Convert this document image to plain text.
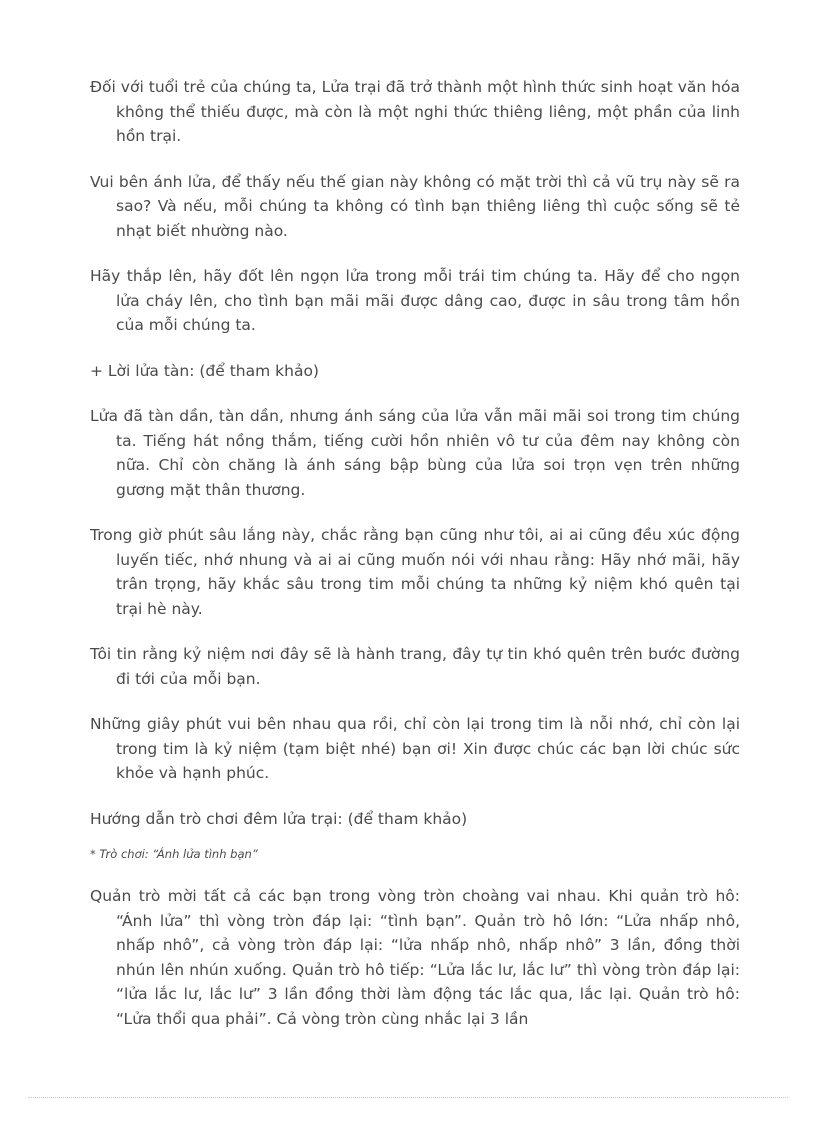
Đối với tuổi trẻ của chúng ta, Lửa trại đã trở thành một hình thức sinh hoạt văn hóa không thể thiếu được, mà còn là một nghi thức thiêng liêng, một phần của linh hồn trại.

Vui bên ánh lửa, để thấy nếu thế gian này không có mặt trời thì cả vũ trụ này sẽ ra sao? Và nếu, mỗi chúng ta không có tình bạn thiêng liêng thì cuộc sống sẽ tẻ nhạt biết nhường nào.

Hãy thắp lên, hãy đốt lên ngọn lửa trong mỗi trái tim chúng ta. Hãy để cho ngọn lửa cháy lên, cho tình bạn mãi mãi được dâng cao, được in sâu trong tâm hồn của mỗi chúng ta.

+ Lời lửa tàn: (để tham khảo)

Lửa đã tàn dần, tàn dần, nhưng ánh sáng của lửa vẫn mãi mãi soi trong tim chúng ta. Tiếng hát nồng thắm, tiếng cười hồn nhiên vô tư của đêm nay không còn nữa. Chỉ còn chăng là ánh sáng bập bùng của lửa soi trọn vẹn trên những gương mặt thân thương.

Trong giờ phút sâu lắng này, chắc rằng bạn cũng như tôi, ai ai cũng đều xúc động luyến tiếc, nhớ nhung và ai ai cũng muốn nói với nhau rằng: Hãy nhớ mãi, hãy trân trọng, hãy khắc sâu trong tim mỗi chúng ta những kỷ niệm khó quên tại trại hè này.

Tôi tin rằng kỷ niệm nơi đây sẽ là hành trang, đây tự tin khó quên trên bước đường đi tới của mỗi bạn.

Những giây phút vui bên nhau qua rồi, chỉ còn lại trong tim là nỗi nhớ, chỉ còn lại trong tim là kỷ niệm (tạm biệt nhé) bạn ơi! Xin được chúc các bạn lời chúc sức khỏe và hạnh phúc.

Hướng dẫn trò chơi đêm lửa trại: (để tham khảo)

* Trò chơi: “Ánh lửa tình bạn”

Quản trò mời tất cả các bạn trong vòng tròn choàng vai nhau. Khi quản trò hô: “Ánh lửa” thì vòng tròn đáp lại: “tình bạn”. Quản trò hô lớn: “Lửa nhấp nhô, nhấp nhô”, cả vòng tròn đáp lại: “lửa nhấp nhô, nhấp nhô” 3 lần, đồng thời nhún lên nhún xuống. Quản trò hô tiếp: “Lửa lắc lư, lắc lư” thì vòng tròn đáp lại: “lửa lắc lư, lắc lư” 3 lần đồng thời làm động tác lắc qua, lắc lại. Quản trò hô: “Lửa thổi qua phải”. Cả vòng tròn cùng nhắc lại 3 lần
